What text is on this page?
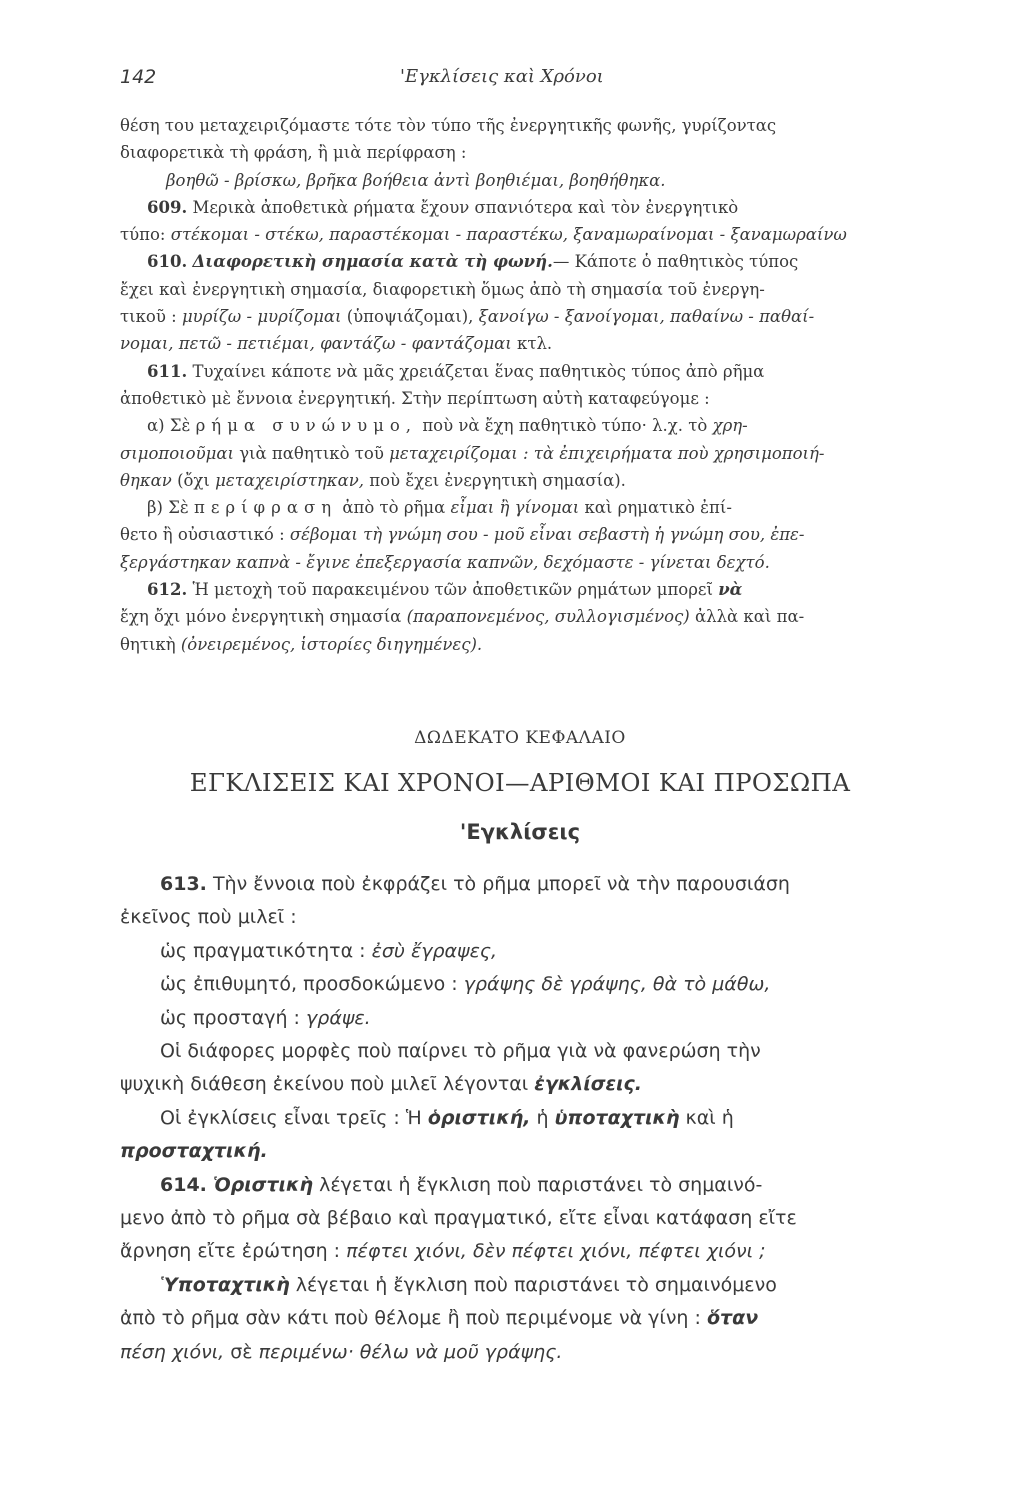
142	'Εγκλίσεις καὶ Χρόνοι

θέση του μεταχειριζόμαστε τότε τὸν τύπο τῆς ἐνεργητικῆς φωνῆς, γυρίζοντας

διαφορετικὰ τὴ φράση, ἢ μιὰ περίφραση :

βοηθῶ - βρίσκω, βρῆκα βοήθεια ἀντὶ βοηθιέμαι, βοηθήθηκα.

609. Μερικὰ ἀποθετικὰ ρήματα ἔχουν σπανιότερα καὶ τὸν ἐνεργητικὸ

τύπο: στέκομαι - στέκω, παραστέκομαι - παραστέκω, ξαναμωραίνομαι - ξαναμωραίνω

610. Διαφορετικὴ σημασία κατὰ τὴ φωνή.— Κάποτε ὁ παθητικὸς τύπος

ἔχει καὶ ἐνεργητικὴ σημασία, διαφορετικὴ ὅμως ἀπὸ τὴ σημασία τοῦ ἐνεργη-

τικοῦ : μυρίζω - μυρίζομαι (ὑποψιάζομαι), ξανοίγω - ξανοίγομαι, παθαίνω - παθαί-

νομαι, πετῶ - πετιέμαι, φαντάζω - φαντάζομαι κτλ.

611. Τυχαίνει κάποτε νὰ μᾶς χρειάζεται ἕνας παθητικὸς τύπος ἀπὸ ρῆμα

ἀποθετικὸ μὲ ἔννοια ἐνεργητική. Στὴν περίπτωση αὐτὴ καταφεύγομε :

α) Σὲ ρήμα συνώνυμο, ποὺ νὰ ἔχη παθητικὸ τύπο· λ.χ. τὸ χρη-

σιμοποιοῦμαι γιὰ παθητικὸ τοῦ μεταχειρίζομαι : τὰ ἐπιχειρήματα ποὺ χρησιμοποιή-

θηκαν (ὄχι μεταχειρίστηκαν, ποὺ ἔχει ἐνεργητικὴ σημασία).

β) Σὲ περίφραση ἀπὸ τὸ ρῆμα εἶμαι ἢ γίνομαι καὶ ρηματικὸ ἐπί-

θετο ἢ οὐσιαστικό : σέβομαι τὴ γνώμη σου - μοῦ εἶναι σεβαστὴ ἡ γνώμη σου, ἐπε-

ξεργάστηκαν καπνὰ - ἔγινε ἐπεξεργασία καπνῶν, δεχόμαστε - γίνεται δεχτό.

612. Ἡ μετοχὴ τοῦ παρακειμένου τῶν ἀποθετικῶν ρημάτων μπορεῖ νὰ

ἔχη ὄχι μόνο ἐνεργητικὴ σημασία (παραπονεμένος, συλλογισμένος) ἀλλὰ καὶ πα-

θητικὴ (ὀνειρεμένος, ἱστορίες διηγημένες).

ΔΩΔΕΚΑΤΟ ΚΕΦΑΛΑΙΟ
ΕΓΚΛΙΣΕΙΣ ΚΑΙ ΧΡΟΝΟΙ—ΑΡΙΘΜΟΙ ΚΑΙ ΠΡΟΣΩΠΑ
'Εγκλίσεις

613. Τὴν ἔννοια ποὺ ἐκφράζει τὸ ρῆμα μπορεῖ νὰ τὴν παρουσιάση

ἐκεῖνος ποὺ μιλεῖ :

ὡς πραγματικότητα : ἐσὺ ἔγραψες,

ὡς ἐπιθυμητό, προσδοκώμενο : γράψης δὲ γράψης, θὰ τὸ μάθω,

ὡς προσταγή : γράψε.

Οἱ διάφορες μορφὲς ποὺ παίρνει τὸ ρῆμα γιὰ νὰ φανερώση τὴν

ψυχικὴ διάθεση ἐκείνου ποὺ μιλεῖ λέγονται ἐγκλίσεις.

Οἱ ἐγκλίσεις εἶναι τρεῖς : Ἡ ὁριστική, ἡ ὑποταχτικὴ καὶ ἡ

προσταχτική.

614. Ὁριστικὴ λέγεται ἡ ἔγκλιση ποὺ παριστάνει τὸ σημαινό-

μενο ἀπὸ τὸ ρῆμα σὰ βέβαιο καὶ πραγματικό, εἴτε εἶναι κατάφαση εἴτε

ἄρνηση εἴτε ἐρώτηση : πέφτει χιόνι, δὲν πέφτει χιόνι, πέφτει χιόνι ;

Ὑποταχτικὴ λέγεται ἡ ἔγκλιση ποὺ παριστάνει τὸ σημαινόμενο

ἀπὸ τὸ ρῆμα σὰν κάτι ποὺ θέλομε ἢ ποὺ περιμένομε νὰ γίνη : ὅταν

πέση χιόνι, σὲ περιμένω· θέλω νὰ μοῦ γράψης.
